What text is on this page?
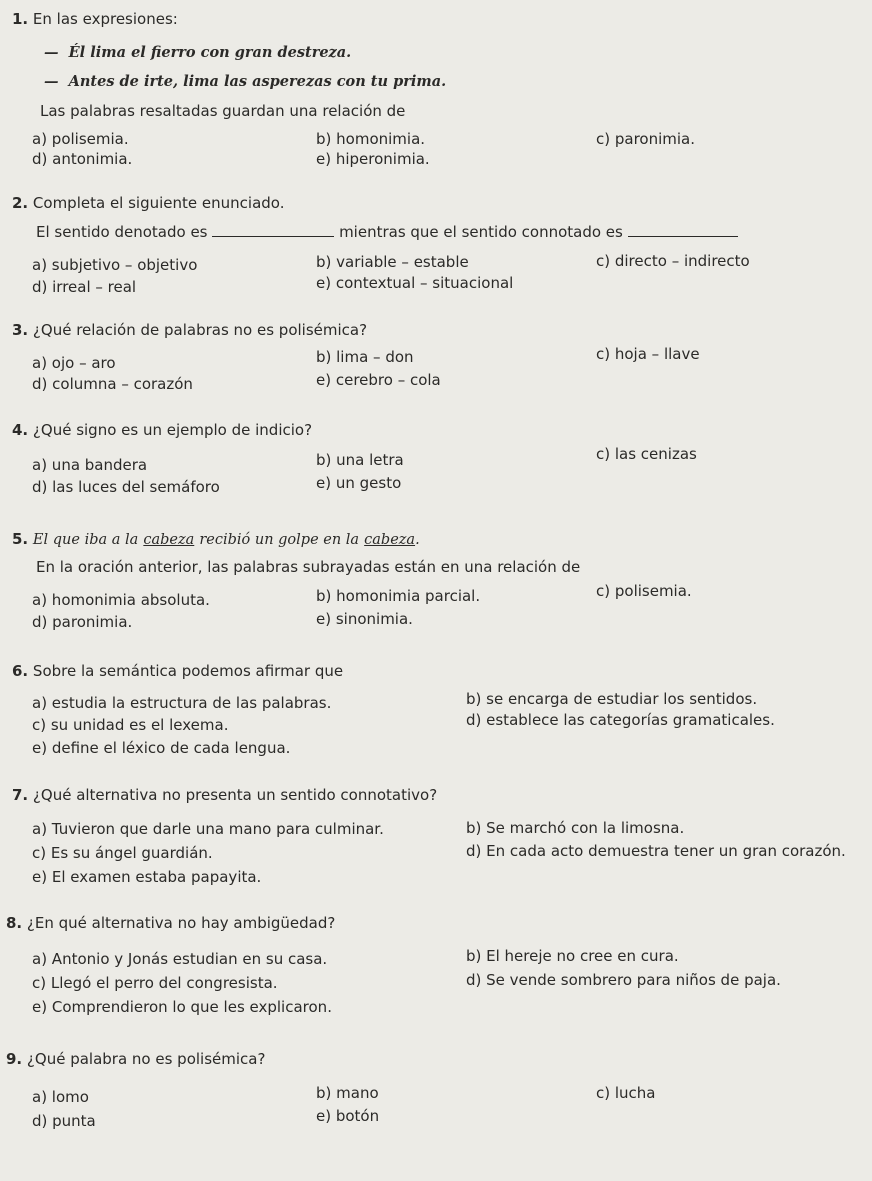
1. En las expresiones:
— Él lima el fierro con gran destreza.
— Antes de irte, lima las asperezas con tu prima.
Las palabras resaltadas guardan una relación de
a) polisemia.	b) homonimia.	c) paronimia.
d) antonimia.	e) hiperonimia.
2. Completa el siguiente enunciado.
El sentido denotado es	mientras que el sentido connotado es
a) subjetivo – objetivo	b) variable – estable	c) directo – indirecto
d) irreal – real	e) contextual – situacional
3. ¿Qué relación de palabras no es polisémica?
a) ojo – aro	b) lima – don	c) hoja – llave
d) columna – corazón	e) cerebro – cola
4. ¿Qué signo es un ejemplo de indicio?
a) una bandera	b) una letra	c) las cenizas
d) las luces del semáforo	e) un gesto
5. El que iba a la cabeza recibió un golpe en la cabeza.
En la oración anterior, las palabras subrayadas están en una relación de
a) homonimia absoluta.	b) homonimia parcial.	c) polisemia.
d) paronimia.	e) sinonimia.
6. Sobre la semántica podemos afirmar que
a) estudia la estructura de las palabras.	b) se encarga de estudiar los sentidos.
c) su unidad es el lexema.	d) establece las categorías gramaticales.
e) define el léxico de cada lengua.
7. ¿Qué alternativa no presenta un sentido connotativo?
a) Tuvieron que darle una mano para culminar.	b) Se marchó con la limosna.
c) Es su ángel guardián.	d) En cada acto demuestra tener un gran corazón.
e) El examen estaba papayita.
8. ¿En qué alternativa no hay ambigüedad?
a) Antonio y Jonás estudian en su casa.	b) El hereje no cree en cura.
c) Llegó el perro del congresista.	d) Se vende sombrero para niños de paja.
e) Comprendieron lo que les explicaron.
9. ¿Qué palabra no es polisémica?
a) lomo	b) mano	c) lucha
d) punta	e) botón
